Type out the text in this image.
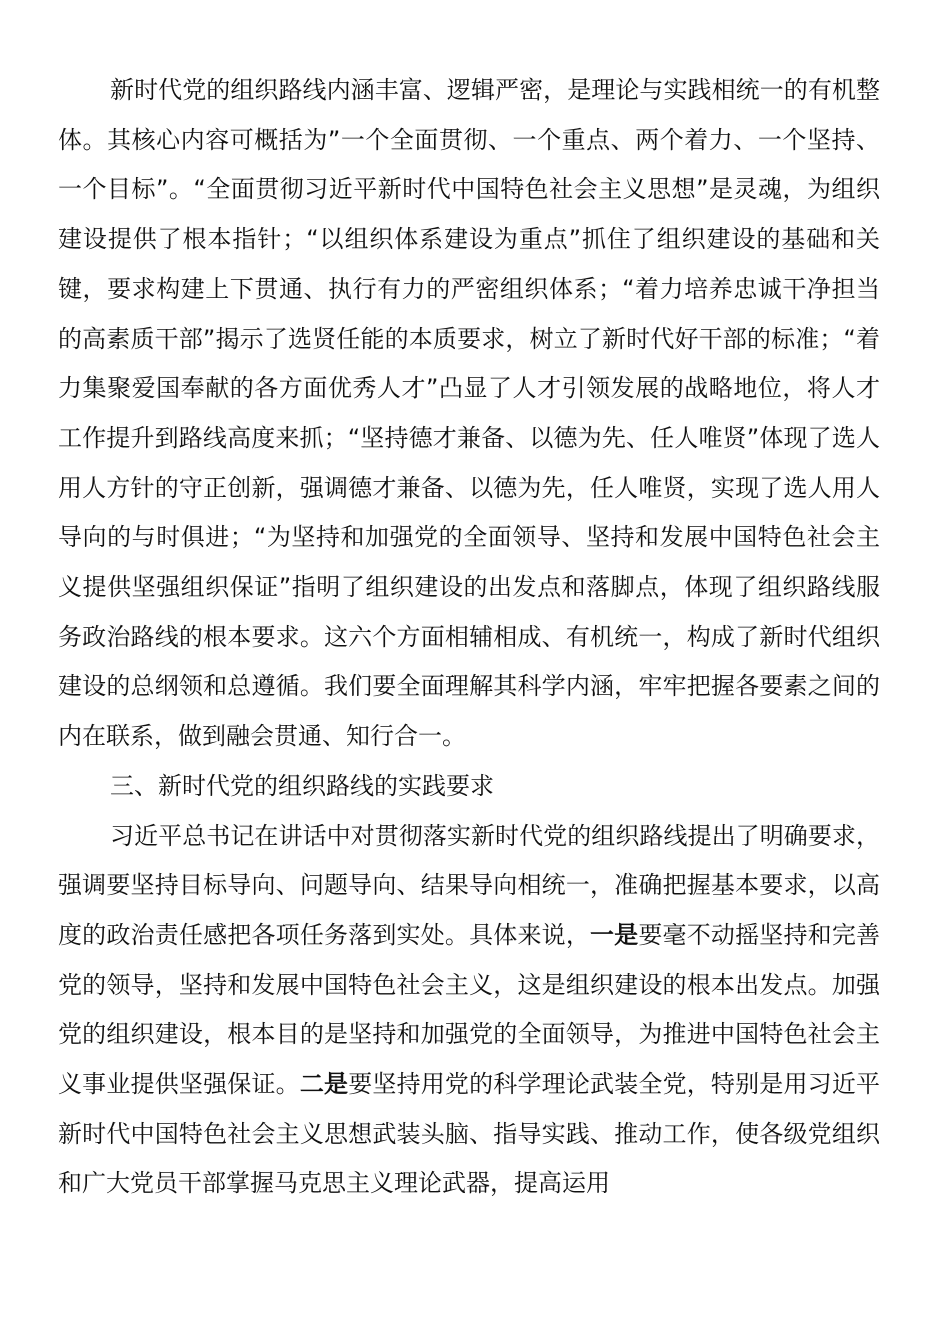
新时代党的组织路线内涵丰富、逻辑严密，是理论与实践相统一的有机整体。其核心内容可概括为”一个全面贯彻、一个重点、两个着力、一个坚持、一个目标”。“全面贯彻习近平新时代中国特色社会主义思想”是灵魂，为组织建设提供了根本指针；“以组织体系建设为重点”抓住了组织建设的基础和关键，要求构建上下贯通、执行有力的严密组织体系；“着力培养忠诚干净担当的高素质干部”揭示了选贤任能的本质要求，树立了新时代好干部的标准；“着力集聚爱国奉献的各方面优秀人才”凸显了人才引领发展的战略地位，将人才工作提升到路线高度来抓；“坚持德才兼备、以德为先、任人唯贤”体现了选人用人方针的守正创新，强调德才兼备、以德为先，任人唯贤，实现了选人用人导向的与时俱进；“为坚持和加强党的全面领导、坚持和发展中国特色社会主义提供坚强组织保证”指明了组织建设的出发点和落脚点，体现了组织路线服务政治路线的根本要求。这六个方面相辅相成、有机统一，构成了新时代组织建设的总纲领和总遵循。我们要全面理解其科学内涵，牢牢把握各要素之间的内在联系，做到融会贯通、知行合一。

三、新时代党的组织路线的实践要求

习近平总书记在讲话中对贯彻落实新时代党的组织路线提出了明确要求，强调要坚持目标导向、问题导向、结果导向相统一，准确把握基本要求，以高度的政治责任感把各项任务落到实处。具体来说，一是要毫不动摇坚持和完善党的领导，坚持和发展中国特色社会主义，这是组织建设的根本出发点。加强党的组织建设，根本目的是坚持和加强党的全面领导，为推进中国特色社会主义事业提供坚强保证。二是要坚持用党的科学理论武装全党，特别是用习近平新时代中国特色社会主义思想武装头脑、指导实践、推动工作，使各级党组织和广大党员干部掌握马克思主义理论武器，提高运用
